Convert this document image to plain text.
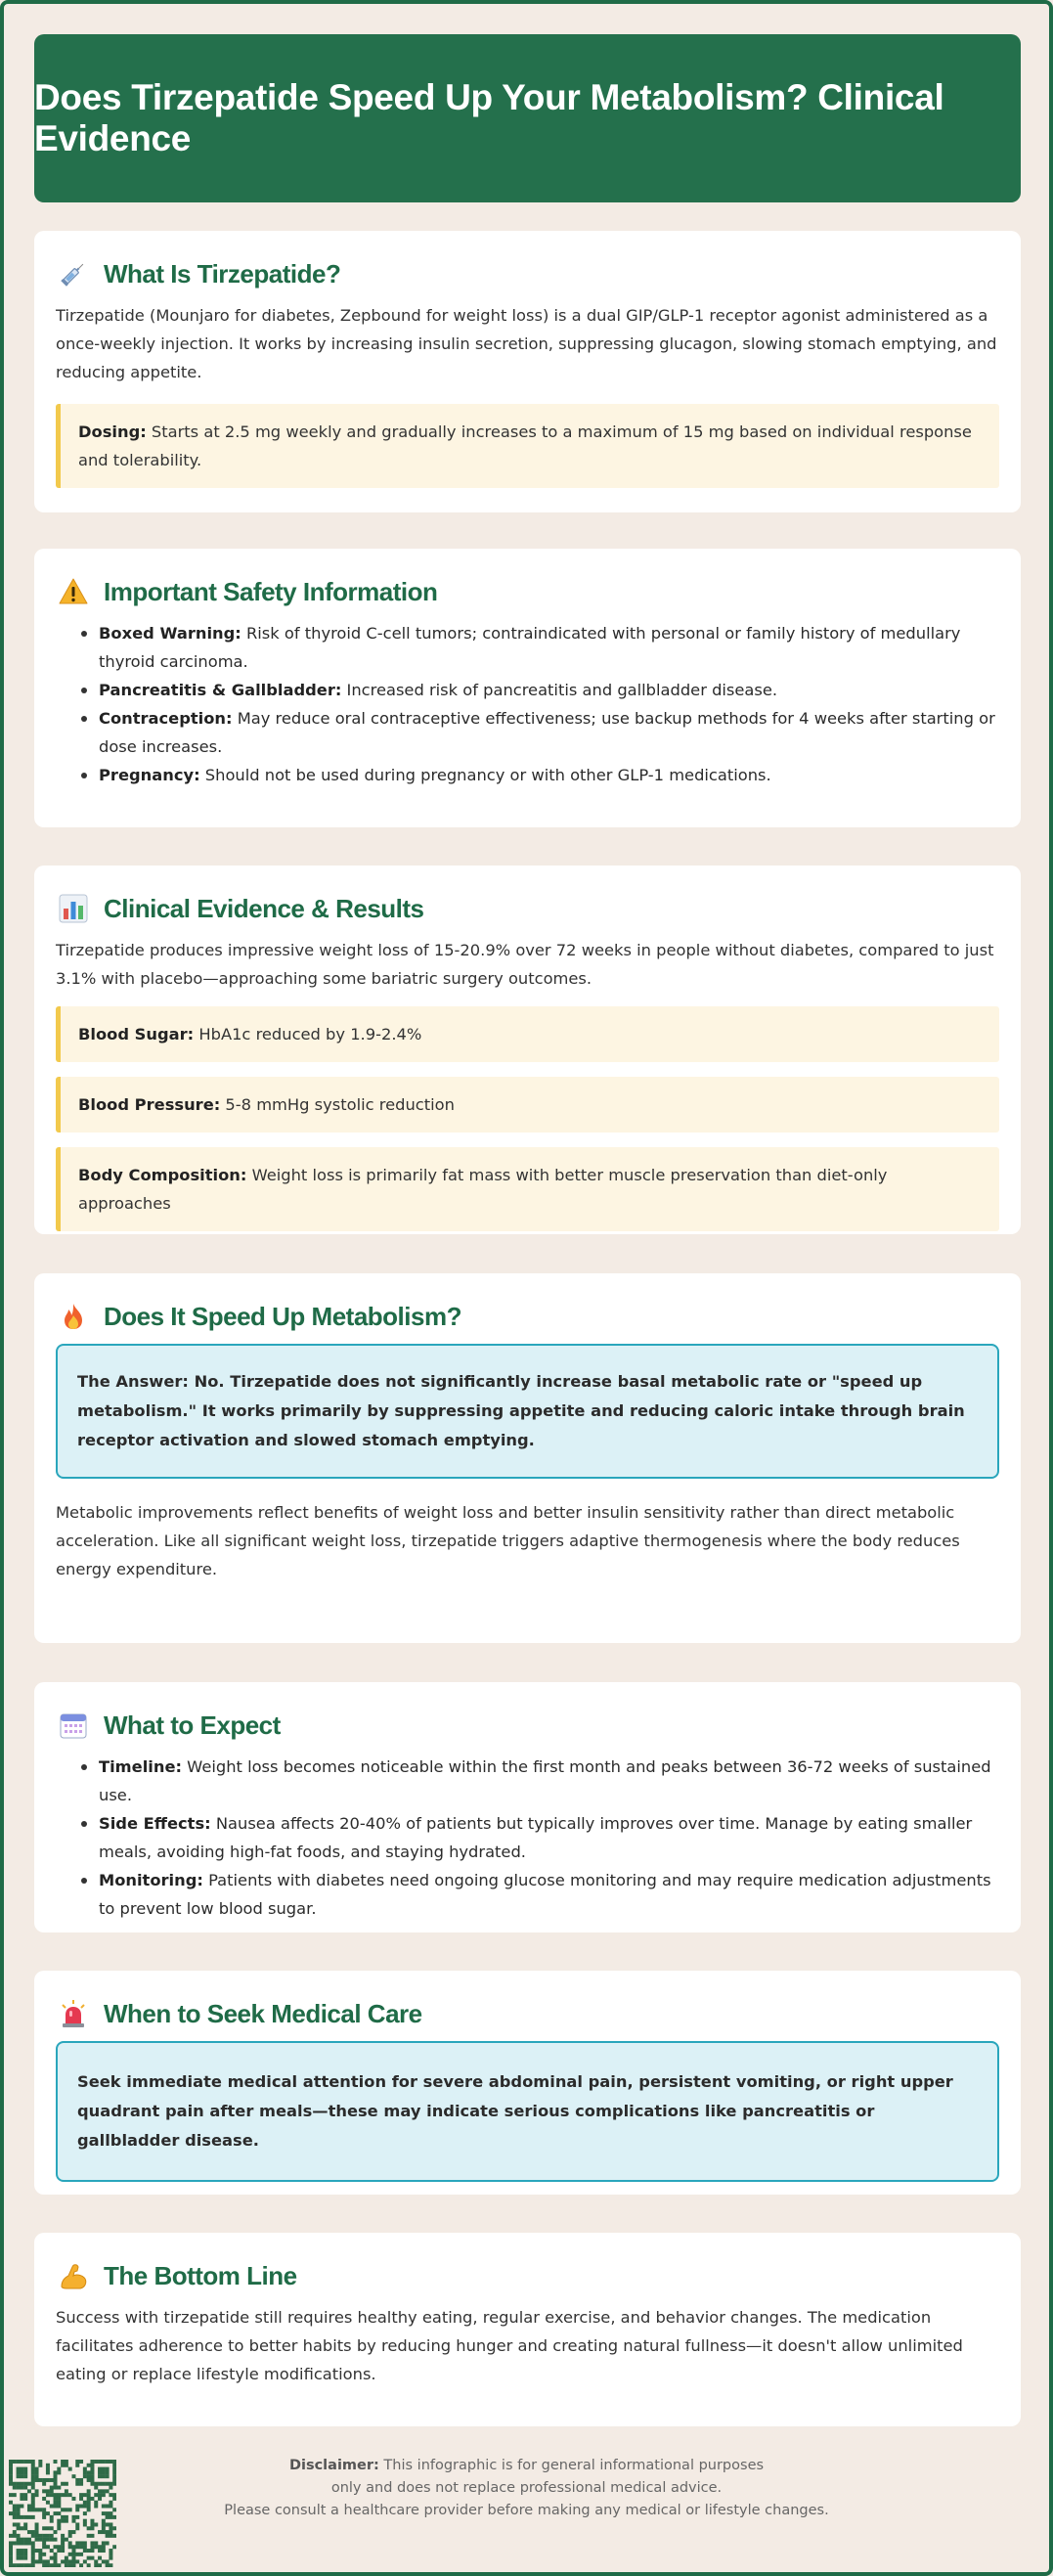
Does Tirzepatide Speed Up Your Metabolism? Clinical Evidence
What Is Tirzepatide?

Tirzepatide (Mounjaro for diabetes, Zepbound for weight loss) is a dual GIP/GLP-1 receptor agonist administered as a once-weekly injection. It works by increasing insulin secretion, suppressing glucagon, slowing stomach emptying, and reducing appetite.

Dosing: Starts at 2.5 mg weekly and gradually increases to a maximum of 15 mg based on individual response and tolerability.
Important Safety Information
Boxed Warning: Risk of thyroid C-cell tumors; contraindicated with personal or family history of medullary thyroid carcinoma.
Pancreatitis & Gallbladder: Increased risk of pancreatitis and gallbladder disease.
Contraception: May reduce oral contraceptive effectiveness; use backup methods for 4 weeks after starting or dose increases.
Pregnancy: Should not be used during pregnancy or with other GLP-1 medications.
Clinical Evidence & Results

Tirzepatide produces impressive weight loss of 15-20.9% over 72 weeks in people without diabetes, compared to just 3.1% with placebo—approaching some bariatric surgery outcomes.

Blood Sugar: HbA1c reduced by 1.9-2.4%
Blood Pressure: 5-8 mmHg systolic reduction
Body Composition: Weight loss is primarily fat mass with better muscle preservation than diet-only approaches
Does It Speed Up Metabolism?
The Answer: No. Tirzepatide does not significantly increase basal metabolic rate or "speed up metabolism." It works primarily by suppressing appetite and reducing caloric intake through brain receptor activation and slowed stomach emptying.

Metabolic improvements reflect benefits of weight loss and better insulin sensitivity rather than direct metabolic acceleration. Like all significant weight loss, tirzepatide triggers adaptive thermogenesis where the body reduces energy expenditure.

What to Expect
Timeline: Weight loss becomes noticeable within the first month and peaks between 36-72 weeks of sustained use.
Side Effects: Nausea affects 20-40% of patients but typically improves over time. Manage by eating smaller meals, avoiding high-fat foods, and staying hydrated.
Monitoring: Patients with diabetes need ongoing glucose monitoring and may require medication adjustments to prevent low blood sugar.
When to Seek Medical Care
Seek immediate medical attention for severe abdominal pain, persistent vomiting, or right upper quadrant pain after meals—these may indicate serious complications like pancreatitis or gallbladder disease.
The Bottom Line

Success with tirzepatide still requires healthy eating, regular exercise, and behavior changes. The medication facilitates adherence to better habits by reducing hunger and creating natural fullness—it doesn't allow unlimited eating or replace lifestyle modifications.

Disclaimer: This infographic is for general informational purposes
only and does not replace professional medical advice.
Please consult a healthcare provider before making any medical or lifestyle changes.
